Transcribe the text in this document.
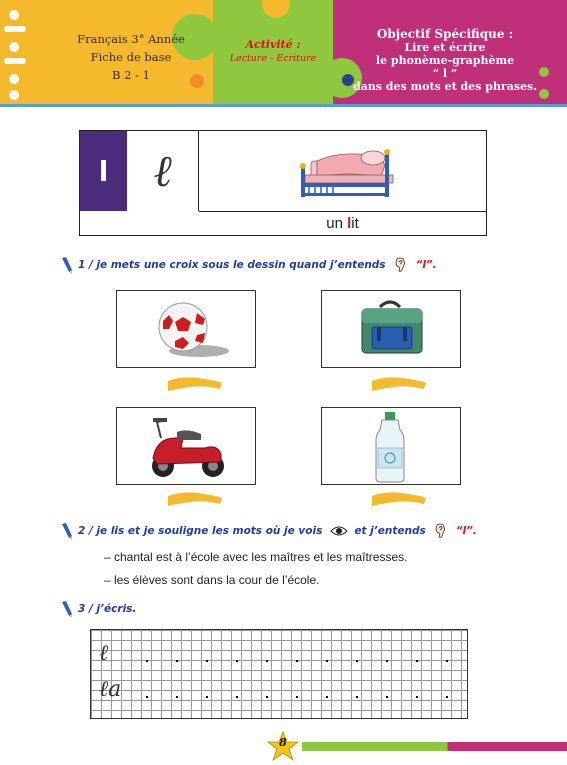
Français 3° Année
Fiche de base
B 2 - 1
Activité :
Lecture - Ecriture
Objectif Spécifique :
Lire et écrire
le phonème-graphème
“ l ”
dans des mots et des phrases.
l	ℓ
un lit
1 / je mets une croix sous le dessin quand j’entends	“l”.
2 / je lis et je souligne les mots où je vois	et j’entends	“l”.
– chantal est à l’école avec les maîtres et les maîtresses.
– les élèves sont dans la cour de l’école.
3 / j’écris.
ℓ
ℓa
8
